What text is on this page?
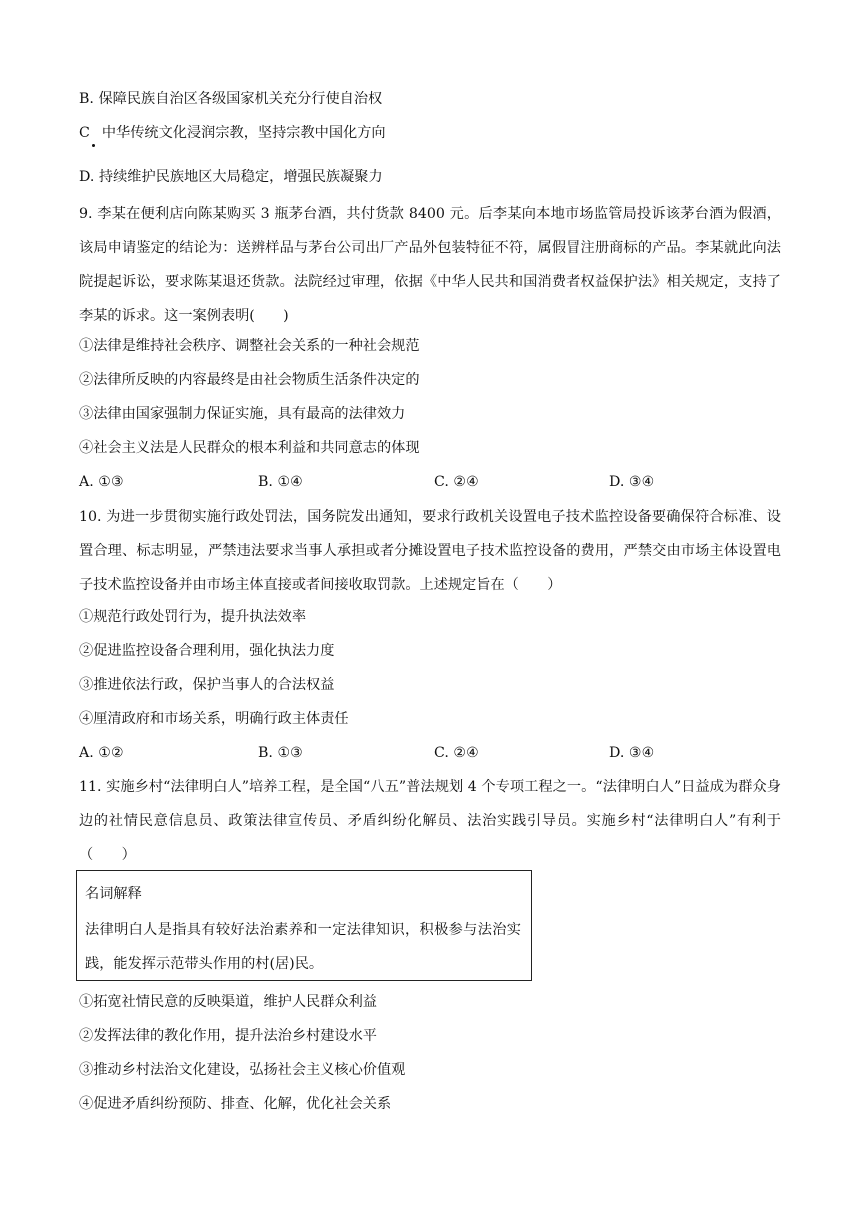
B. 保障民族自治区各级国家机关充分行使自治权
C 中华传统文化浸润宗教，坚持宗教中国化方向
D. 持续维护民族地区大局稳定，增强民族凝聚力
9. 李某在便利店向陈某购买 3 瓶茅台酒，共付货款 8400 元。后李某向本地市场监管局投诉该茅台酒为假酒，该局申请鉴定的结论为：送辨样品与茅台公司出厂产品外包装特征不符，属假冒注册商标的产品。李某就此向法院提起诉讼，要求陈某退还货款。法院经过审理，依据《中华人民共和国消费者权益保护法》相关规定，支持了李某的诉求。这一案例表明(　　)
①法律是维持社会秩序、调整社会关系的一种社会规范
②法律所反映的内容最终是由社会物质生活条件决定的
③法律由国家强制力保证实施，具有最高的法律效力
④社会主义法是人民群众的根本利益和共同意志的体现
A. ①③	B. ①④	C. ②④	D. ③④
10. 为进一步贯彻实施行政处罚法，国务院发出通知，要求行政机关设置电子技术监控设备要确保符合标准、设置合理、标志明显，严禁违法要求当事人承担或者分摊设置电子技术监控设备的费用，严禁交由市场主体设置电子技术监控设备并由市场主体直接或者间接收取罚款。上述规定旨在（　　）
①规范行政处罚行为，提升执法效率
②促进监控设备合理利用，强化执法力度
③推进依法行政，保护当事人的合法权益
④厘清政府和市场关系，明确行政主体责任
A. ①②	B. ①③	C. ②④	D. ③④
11. 实施乡村“法律明白人”培养工程，是全国“八五”普法规划 4 个专项工程之一。“法律明白人”日益成为群众身边的社情民意信息员、政策法律宣传员、矛盾纠纷化解员、法治实践引导员。实施乡村“法律明白人”有利于（　　）
名词解释
法律明白人是指具有较好法治素养和一定法律知识，积极参与法治实践，能发挥示范带头作用的村(居)民。
①拓宽社情民意的反映渠道，维护人民群众利益
②发挥法律的教化作用，提升法治乡村建设水平
③推动乡村法治文化建设，弘扬社会主义核心价值观
④促进矛盾纠纷预防、排查、化解，优化社会关系
